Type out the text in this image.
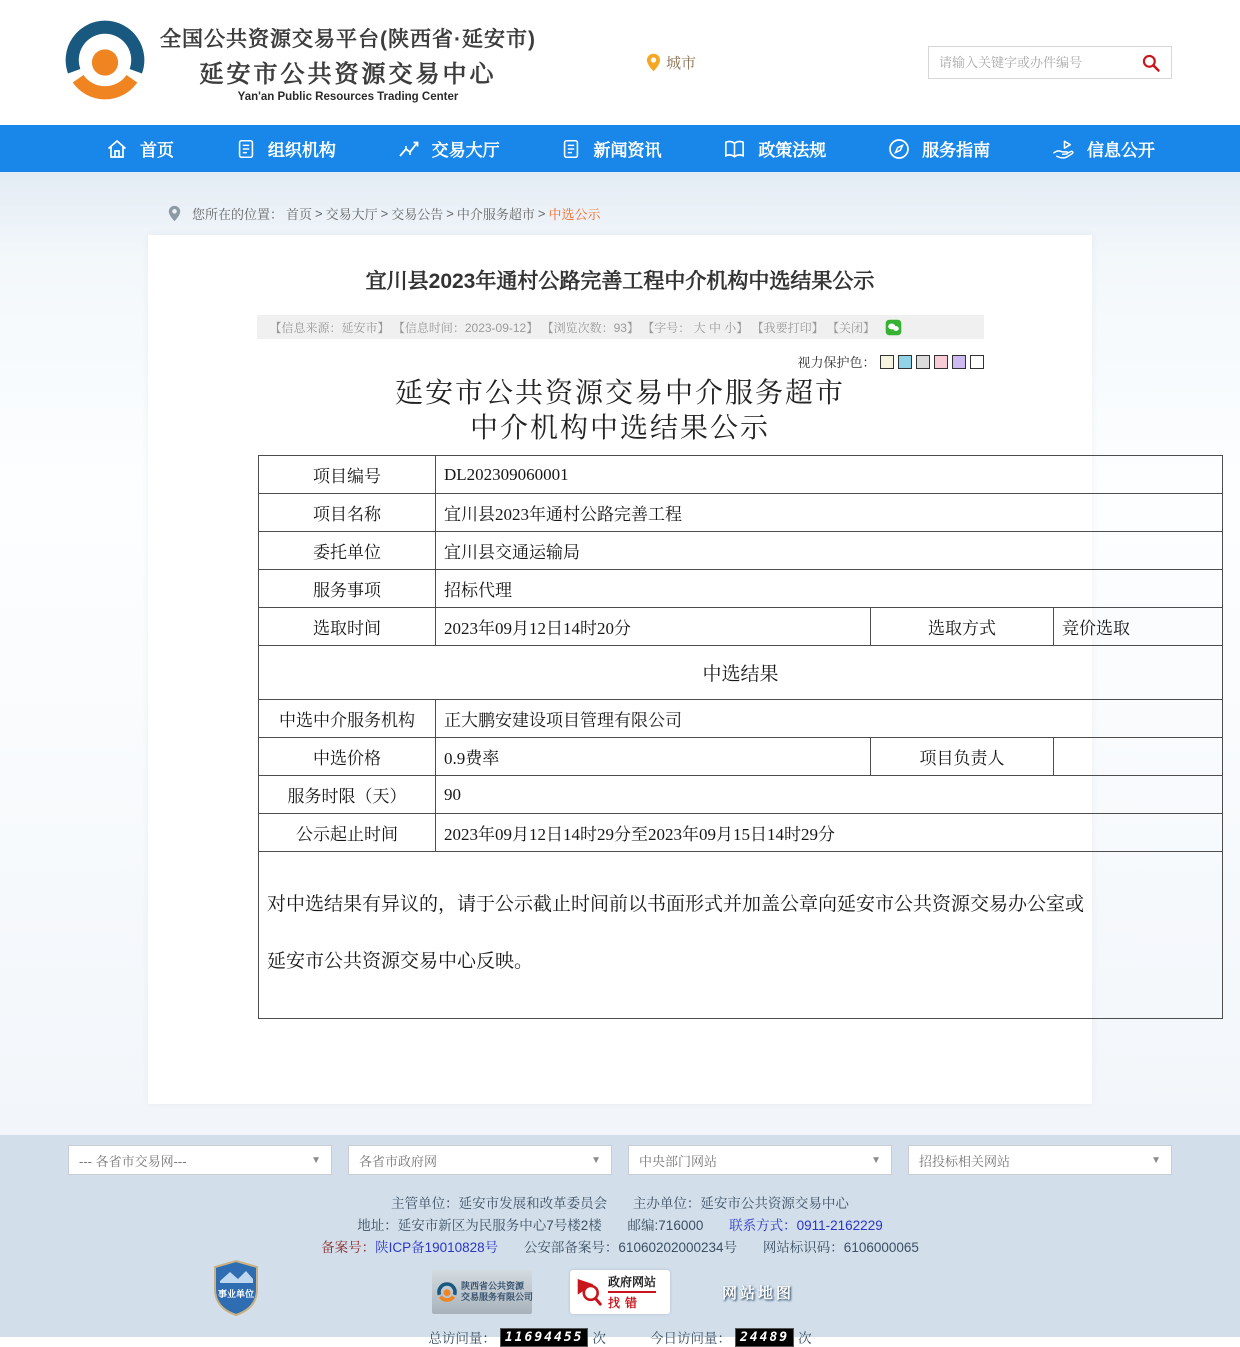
全国公共资源交易平台(陕西省·延安市)
延安市公共资源交易中心
Yan'an Public Resources Trading Center
城市
请输入关键字或办件编号
首页	组织机构	交易大厅	新闻资讯	政策法规	服务指南	信息公开
您所在的位置： 首页 > 交易大厅 > 交易公告 > 中介服务超市 > 中选公示
宜川县2023年通村公路完善工程中介机构中选结果公示
【信息来源：延安市】 【信息时间：2023-09-12】 【浏览次数：93】 【字号： 大 中 小 】 【我要打印】 【关闭】
视力保护色：
延安市公共资源交易中介服务超市
中介机构中选结果公示
项目编号	DL202309060001		
项目名称	宜川县2023年通村公路完善工程		
委托单位	宜川县交通运输局		
服务事项	招标代理		
选取时间	2023年09月12日14时20分	选取方式	竞价选取
中选结果			
中选中介服务机构	正大鹏安建设项目管理有限公司		
中选价格	0.9费率	项目负责人	
服务时限（天）	90		
公示起止时间	2023年09月12日14时29分至2023年09月15日14时29分		

对中选结果有异议的，请于公示截止时间前以书面形式并加盖公章向延安市公共资源交易办公室或
延安市公共资源交易中心反映。			
--- 各省市交易网---	▼	各省市政府网	▼	中央部门网站	▼	招投标相关网站	▼
主管单位：延安市发展和改革委员会 主办单位：延安市公共资源交易中心
地址：延安市新区为民服务中心7号楼2楼 邮编:716000 联系方式：0911-2162229
备案号：陕ICP备19010828号 公安部备案号：61060202000234号 网站标识码：6106000065
事业单位
陕西省公共资源
交易服务有限公司
政府网站
找错
网站地图
总访问量： 11694455 次	今日访问量： 24489 次
